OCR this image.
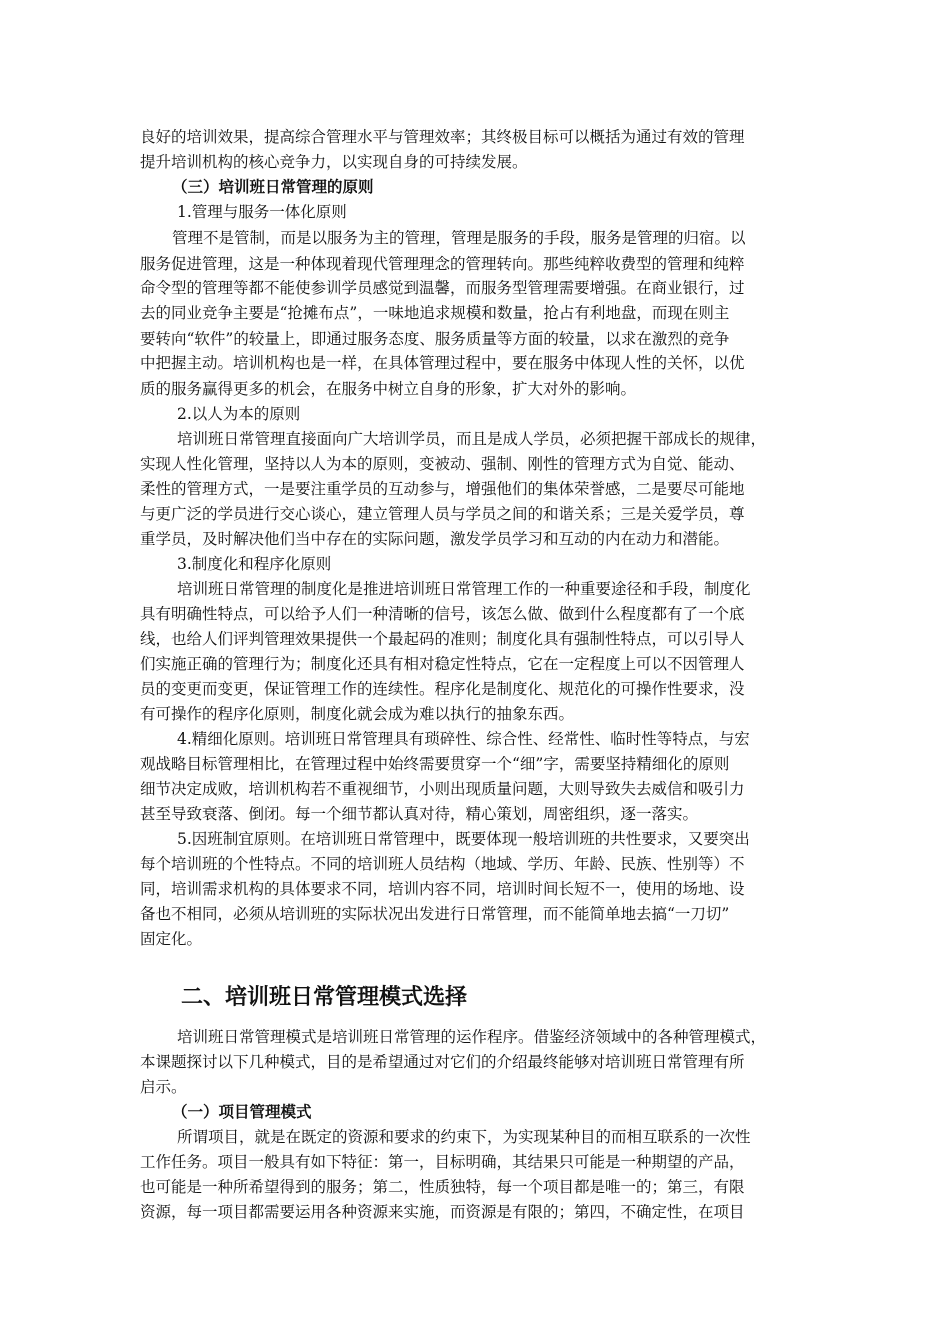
良好的培训效果，提高综合管理水平与管理效率；其终极目标可以概括为通过有效的管理
提升培训机构的核心竞争力，以实现自身的可持续发展。
（三）培训班日常管理的原则
1.管理与服务一体化原则
管理不是管制，而是以服务为主的管理，管理是服务的手段，服务是管理的归宿。以
服务促进管理，这是一种体现着现代管理理念的管理转向。那些纯粹收费型的管理和纯粹
命令型的管理等都不能使参训学员感觉到温馨，而服务型管理需要增强。在商业银行，过
去的同业竞争主要是“抢摊布点”，一味地追求规模和数量，抢占有利地盘，而现在则主
要转向“软件”的较量上，即通过服务态度、服务质量等方面的较量，以求在激烈的竞争
中把握主动。培训机构也是一样，在具体管理过程中，要在服务中体现人性的关怀，以优
质的服务赢得更多的机会，在服务中树立自身的形象，扩大对外的影响。
2.以人为本的原则
培训班日常管理直接面向广大培训学员，而且是成人学员，必须把握干部成长的规律，
实现人性化管理，坚持以人为本的原则，变被动、强制、刚性的管理方式为自觉、能动、
柔性的管理方式，一是要注重学员的互动参与，增强他们的集体荣誉感，二是要尽可能地
与更广泛的学员进行交心谈心，建立管理人员与学员之间的和谐关系；三是关爱学员，尊
重学员，及时解决他们当中存在的实际问题，激发学员学习和互动的内在动力和潜能。
3.制度化和程序化原则
培训班日常管理的制度化是推进培训班日常管理工作的一种重要途径和手段，制度化
具有明确性特点，可以给予人们一种清晰的信号，该怎么做、做到什么程度都有了一个底
线，也给人们评判管理效果提供一个最起码的准则；制度化具有强制性特点，可以引导人
们实施正确的管理行为；制度化还具有相对稳定性特点，它在一定程度上可以不因管理人
员的变更而变更，保证管理工作的连续性。程序化是制度化、规范化的可操作性要求，没
有可操作的程序化原则，制度化就会成为难以执行的抽象东西。
4.精细化原则。培训班日常管理具有琐碎性、综合性、经常性、临时性等特点，与宏
观战略目标管理相比，在管理过程中始终需要贯穿一个“细”字，需要坚持精细化的原则
细节决定成败，培训机构若不重视细节，小则出现质量问题，大则导致失去威信和吸引力
甚至导致衰落、倒闭。每一个细节都认真对待，精心策划，周密组织，逐一落实。
5.因班制宜原则。在培训班日常管理中，既要体现一般培训班的共性要求，又要突出
每个培训班的个性特点。不同的培训班人员结构（地域、学历、年龄、民族、性别等）不
同，培训需求机构的具体要求不同，培训内容不同，培训时间长短不一，使用的场地、设
备也不相同，必须从培训班的实际状况出发进行日常管理，而不能简单地去搞“一刀切”
固定化。
二、培训班日常管理模式选择
培训班日常管理模式是培训班日常管理的运作程序。借鉴经济领域中的各种管理模式，
本课题探讨以下几种模式，目的是希望通过对它们的介绍最终能够对培训班日常管理有所
启示。
（一）项目管理模式
所谓项目，就是在既定的资源和要求的约束下，为实现某种目的而相互联系的一次性
工作任务。项目一般具有如下特征：第一，目标明确，其结果只可能是一种期望的产品，
也可能是一种所希望得到的服务；第二，性质独特，每一个项目都是唯一的；第三，有限
资源，每一项目都需要运用各种资源来实施，而资源是有限的；第四，不确定性，在项目
